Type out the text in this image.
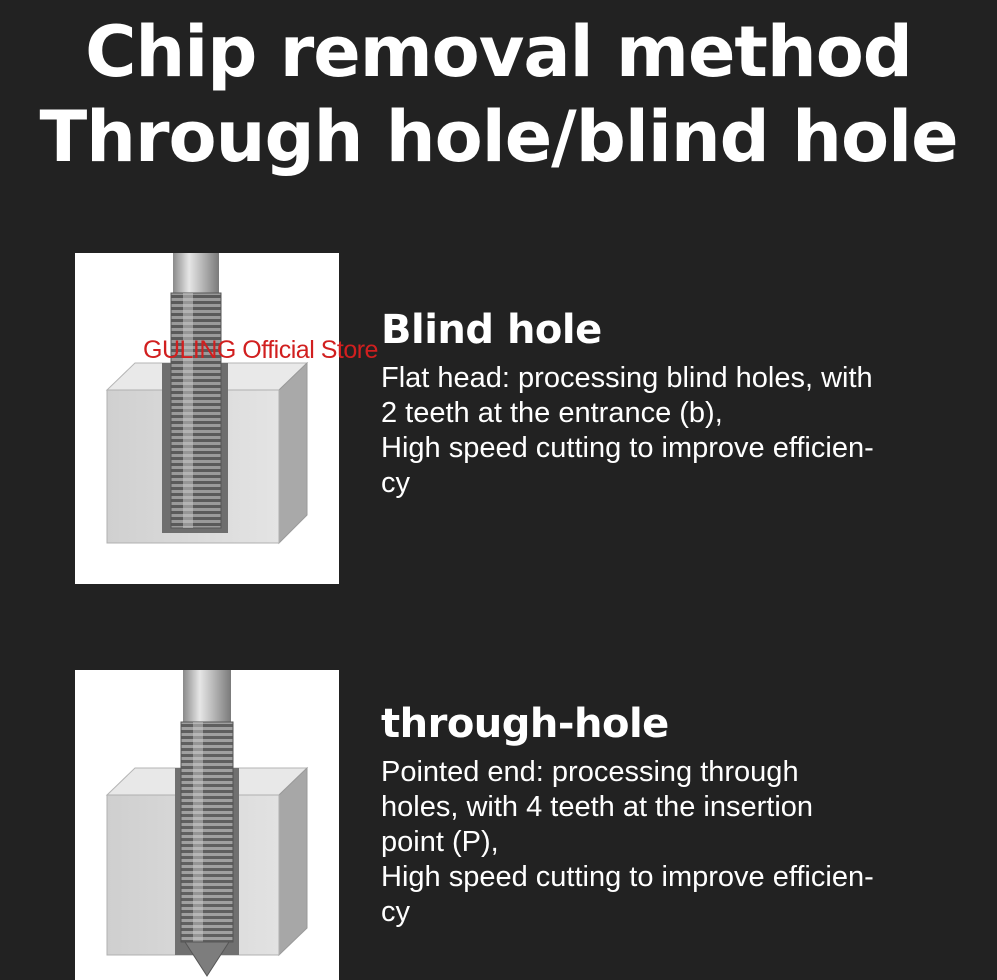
Chip removal method
Through hole/blind hole
GULING Official Store Blind hole
Flat head: processing blind holes, with
2 teeth at the entrance (b),
High speed cutting to improve efficien-
cy
through-hole
Pointed end: processing through
holes, with 4 teeth at the insertion
point (P),
High speed cutting to improve efficien-
cy
